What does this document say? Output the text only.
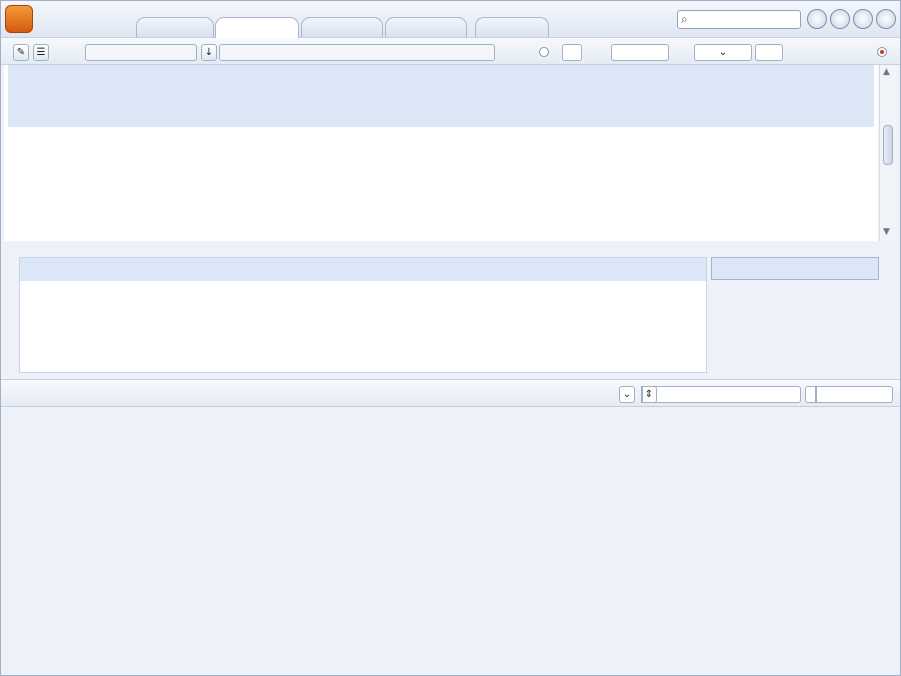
⌕
⌄
↓
☰
✎
▲
▼
⇕
⌄
